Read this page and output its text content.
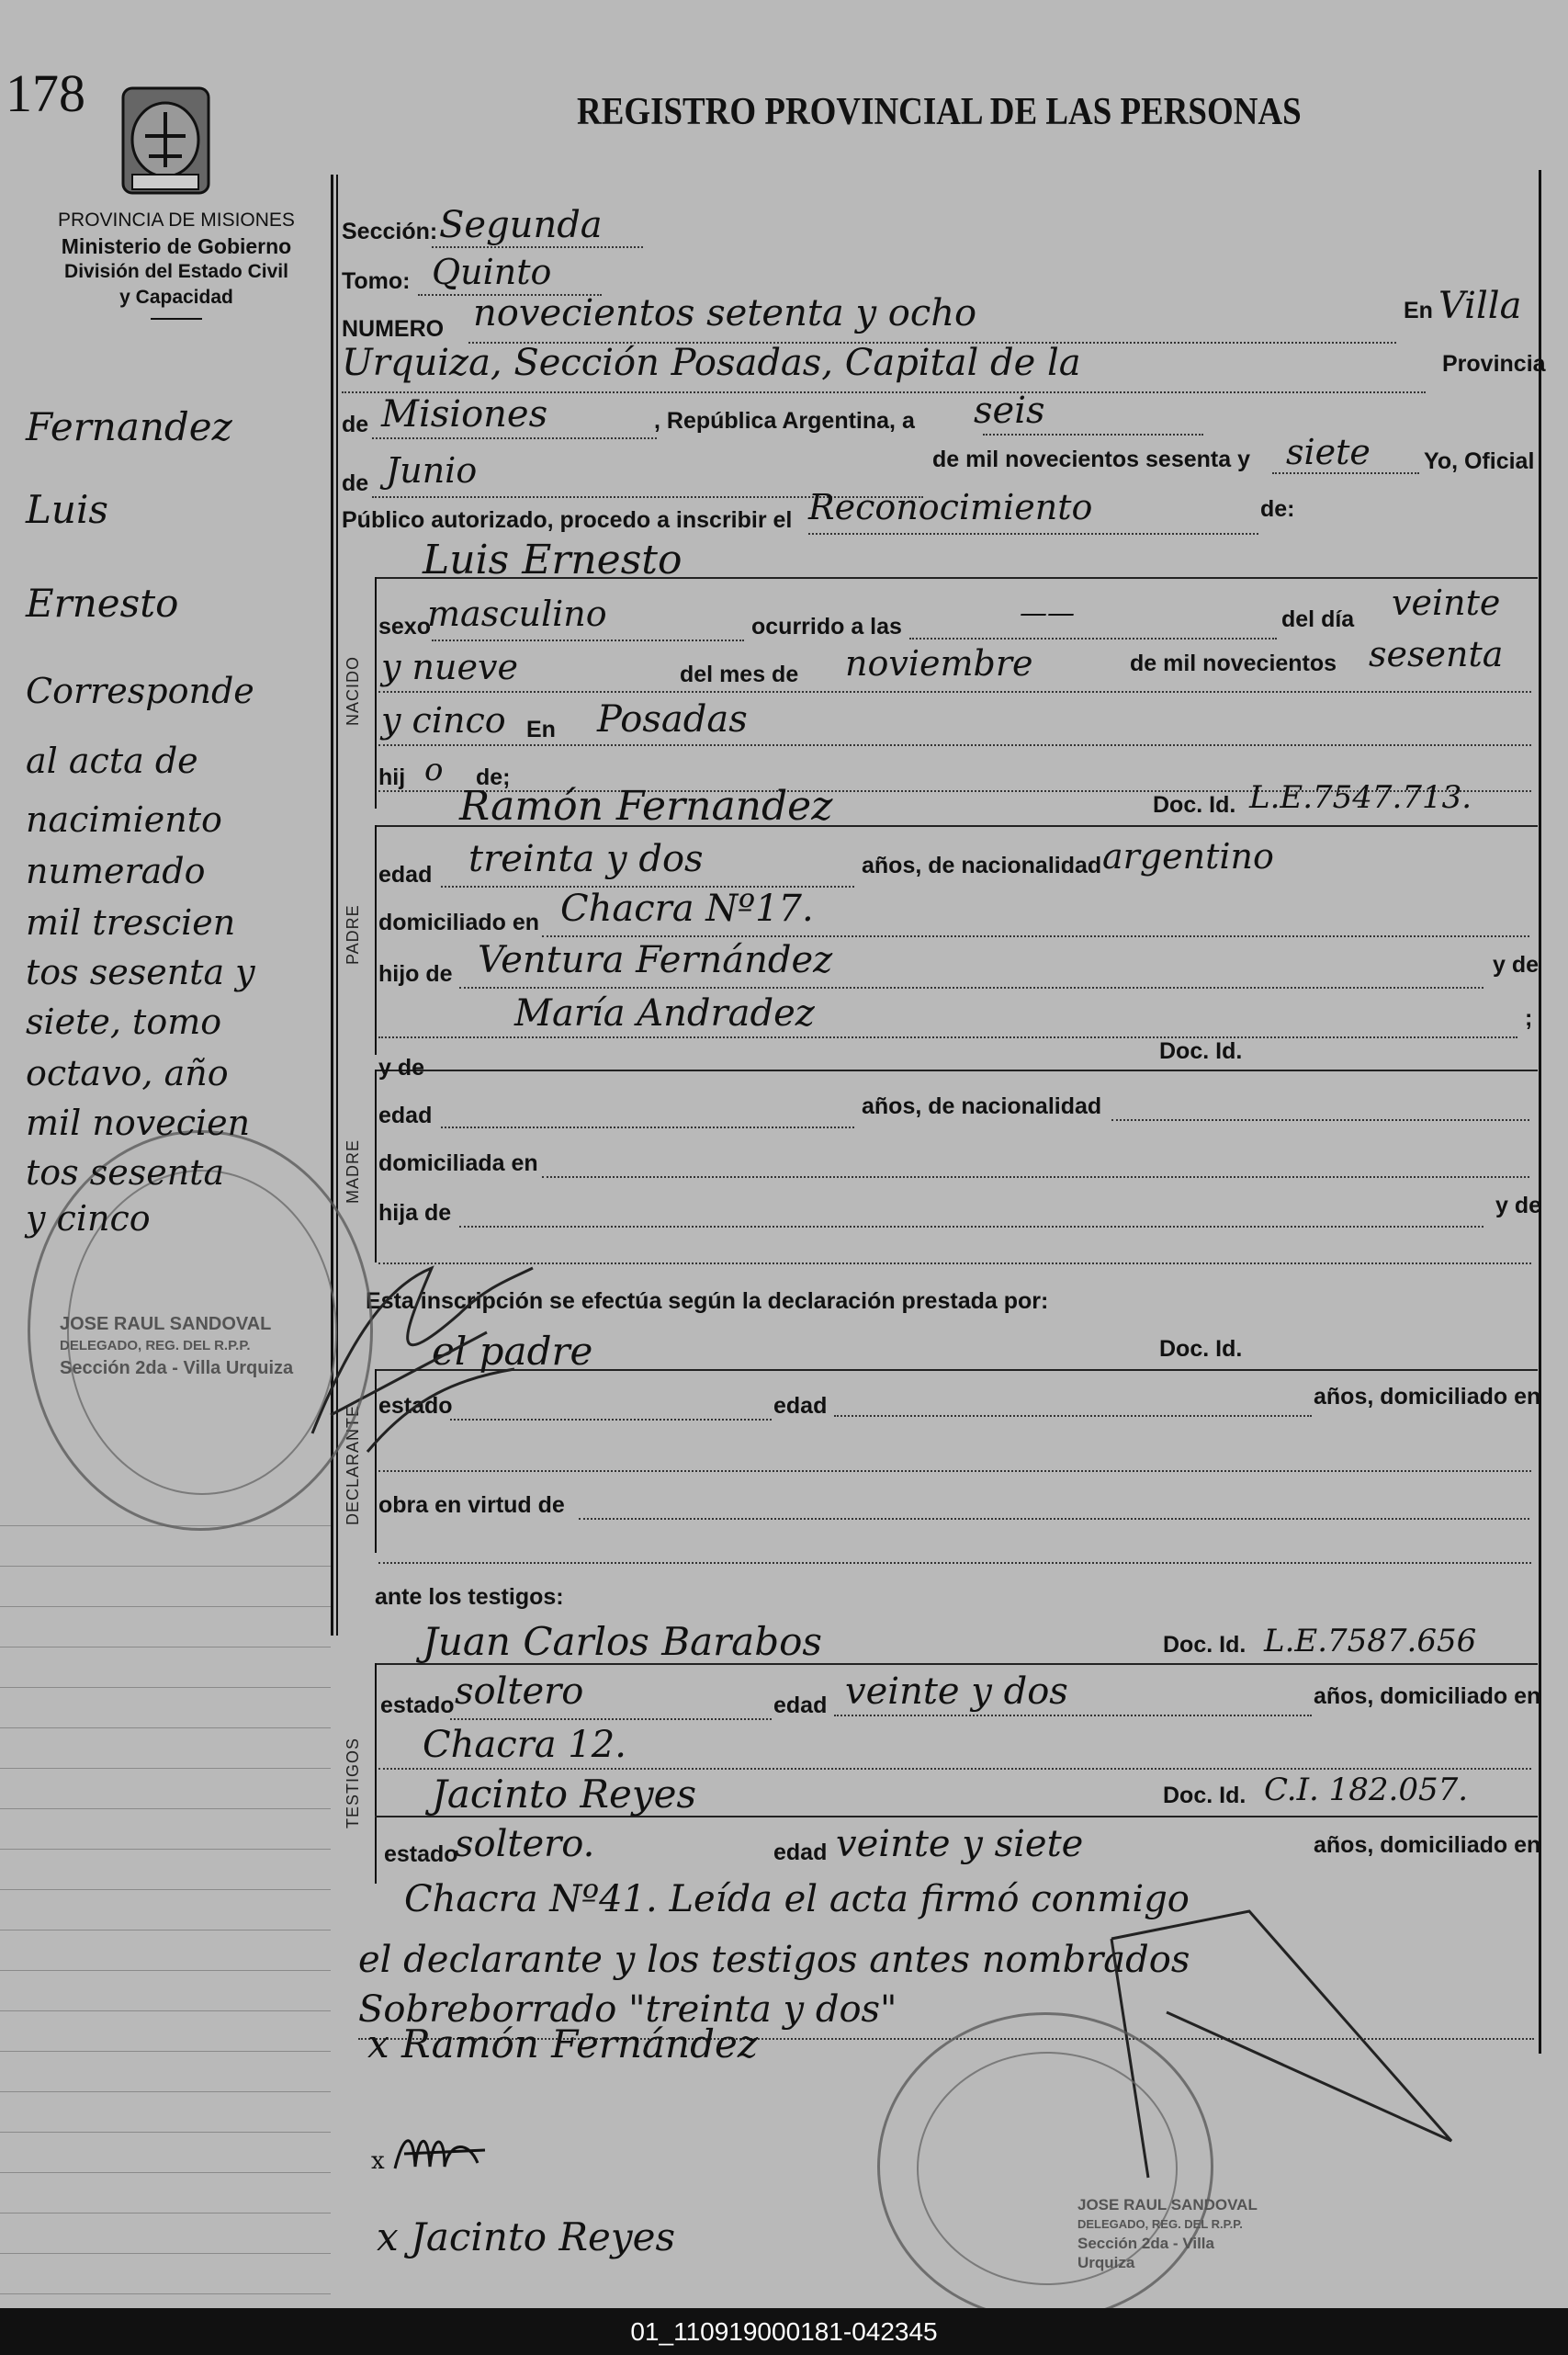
178	REGISTRO PROVINCIAL DE LAS PERSONAS
PROVINCIA DE MISIONES
Ministerio de Gobierno
División del Estado Civil
y Capacidad
Sección: Segunda
Tomo: Quinto
NUMERO novecientos setenta y ocho	En Villa
Urquiza, Sección Posadas, Capital de la	Provincia
de Misiones	, República Argentina, a seis
de Junio	de mil novecientos sesenta y siete Yo, Oficial
Público autorizado, procedo a inscribir el Reconocimiento	de:
Luis Ernesto
NACIDO
sexo
masculino	ocurrido a las	——	del día veinte
y nueve	del mes de noviembre	de mil novecientos sesenta
y cinco En Posadas
hij o de;
Ramón Fernandez	Doc. Id. L.E.7547.713.
PADRE
edad treinta y dos	años, de nacionalidad argentino
domiciliado en Chacra Nº17.
hijo de Ventura Fernández	y de
María Andradez	;
y de
Doc. Id.
MADRE
edad	años, de nacionalidad
domiciliada en
hija de	y de
Esta inscripción se efectúa según la declaración prestada por:
el padre	Doc. Id.
DECLARANTE estado	edad	años, domiciliado en
obra en virtud de
ante los testigos:
Juan Carlos Barabos	Doc. Id. L.E.7587.656
TESTIGOS
estado soltero	edad veinte y dos	años, domiciliado en
Chacra 12.
Jacinto Reyes	Doc. Id. C.I. 182.057.
estado
soltero.	edad veinte y siete	años, domiciliado en
Chacra Nº41. Leída el acta firmó conmigo
el declarante y los testigos antes nombrados
Sobreborrado "treinta y dos"
x Ramón Fernández
x
x Jacinto Reyes
JOSE RAUL SANDOVAL
DELEGADO, REG. DEL R.P.P.
Sección 2da - Villa Urquiza
JOSE RAUL SANDOVAL
DELEGADO, REG. DEL R.P.P.
Sección 2da - Villa Urquiza
Fernandez
Luis
Ernesto
Corresponde
al acta de
nacimiento
numerado
mil trescien
tos sesenta y
siete, tomo
octavo, año
mil novecien
tos sesenta
y cinco
01_110919000181-042345
